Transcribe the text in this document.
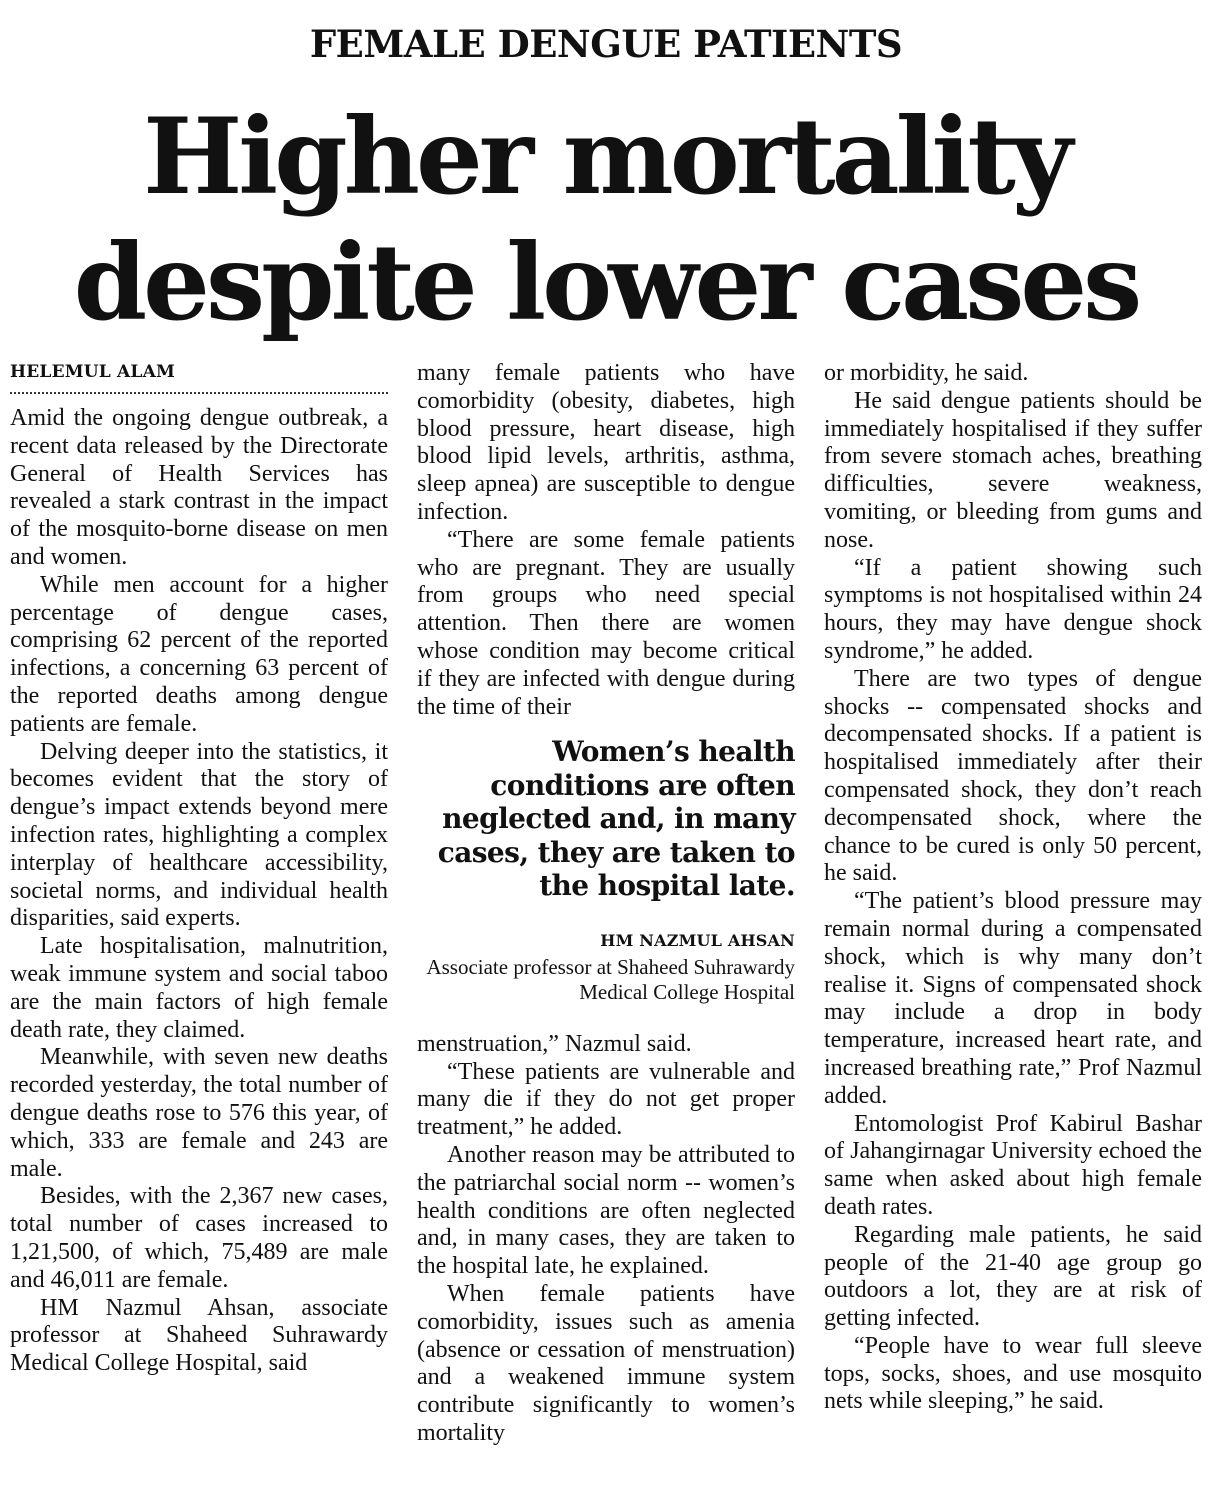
FEMALE DENGUE PATIENTS
Higher mortality
despite lower cases
HELEMUL ALAM

Amid the ongoing dengue outbreak, a recent data released by the Directorate General of Health Services has revealed a stark contrast in the impact of the mosquito-borne disease on men and women.

While men account for a higher percentage of dengue cases, comprising 62 percent of the reported infections, a concerning 63 percent of the reported deaths among dengue patients are female.

Delving deeper into the statistics, it becomes evident that the story of dengue’s impact extends beyond mere infection rates, highlighting a complex interplay of healthcare accessibility, societal norms, and individual health disparities, said experts.

Late hospitalisation, malnutrition, weak immune system and social taboo are the main factors of high female death rate, they claimed.

Meanwhile, with seven new deaths recorded yesterday, the total number of dengue deaths rose to 576 this year, of which, 333 are female and 243 are male.

Besides, with the 2,367 new cases, total number of cases increased to 1,21,500, of which, 75,489 are male and 46,011 are female.

HM Nazmul Ahsan, associate professor at Shaheed Suhrawardy Medical College Hospital, said

many female patients who have comorbidity (obesity, diabetes, high blood pressure, heart disease, high blood lipid levels, arthritis, asthma, sleep apnea) are susceptible to dengue infection.

“There are some female patients who are pregnant. They are usually from groups who need special attention. Then there are women whose condition may become critical if they are infected with dengue during the time of their

Women’s health conditions are often neglected and, in many cases, they are taken to the hospital late.
HM NAZMUL AHSAN
Associate professor at Shaheed Suhrawardy Medical College Hospital

menstruation,” Nazmul said.

“These patients are vulnerable and many die if they do not get proper treatment,” he added.

Another reason may be attributed to the patriarchal social norm -- women’s health conditions are often neglected and, in many cases, they are taken to the hospital late, he explained.

When female patients have comorbidity, issues such as amenia (absence or cessation of menstruation) and a weakened immune system contribute significantly to women’s mortality

or morbidity, he said.

He said dengue patients should be immediately hospitalised if they suffer from severe stomach aches, breathing difficulties, severe weakness, vomiting, or bleeding from gums and nose.

“If a patient showing such symptoms is not hospitalised within 24 hours, they may have dengue shock syndrome,” he added.

There are two types of dengue shocks -- compensated shocks and decompensated shocks. If a patient is hospitalised immediately after their compensated shock, they don’t reach decompensated shock, where the chance to be cured is only 50 percent, he said.

“The patient’s blood pressure may remain normal during a compensated shock, which is why many don’t realise it. Signs of compensated shock may include a drop in body temperature, increased heart rate, and increased breathing rate,” Prof Nazmul added.

Entomologist Prof Kabirul Bashar of Jahangirnagar University echoed the same when asked about high female death rates.

Regarding male patients, he said people of the 21-40 age group go outdoors a lot, they are at risk of getting infected.

“People have to wear full sleeve tops, socks, shoes, and use mosquito nets while sleeping,” he said.
